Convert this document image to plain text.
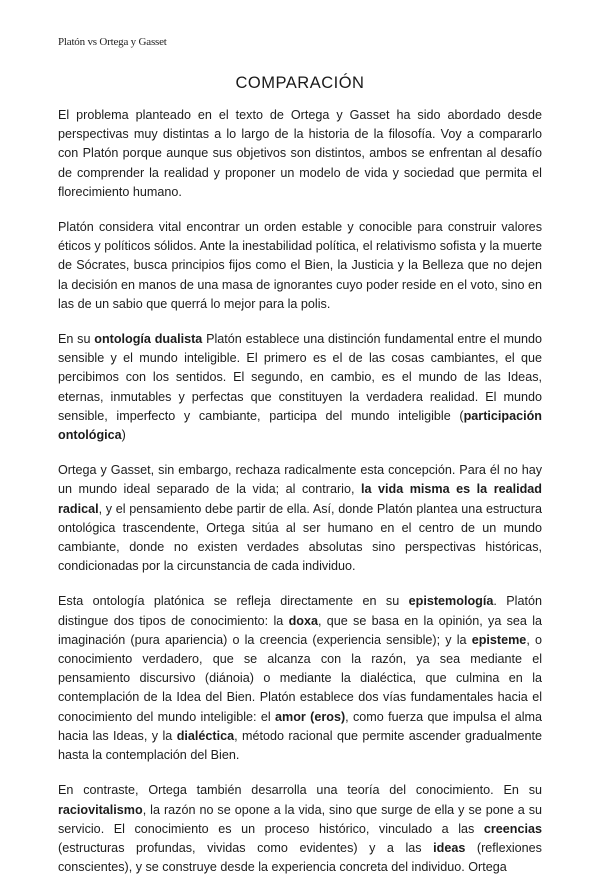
Platón vs Ortega y Gasset
COMPARACIÓN

El problema planteado en el texto de Ortega y Gasset ha sido abordado desde perspectivas muy distintas a lo largo de la historia de la filosofía. Voy a compararlo con Platón porque aunque sus objetivos son distintos, ambos se enfrentan al desafío de comprender la realidad y proponer un modelo de vida y sociedad que permita el florecimiento humano.

Platón considera vital encontrar un orden estable y conocible para construir valores éticos y políticos sólidos. Ante la inestabilidad política, el relativismo sofista y la muerte de Sócrates, busca principios fijos como el Bien, la Justicia y la Belleza que no dejen la decisión en manos de una masa de ignorantes cuyo poder reside en el voto, sino en las de un sabio que querrá lo mejor para la polis.

En su ontología dualista Platón establece una distinción fundamental entre el mundo sensible y el mundo inteligible. El primero es el de las cosas cambiantes, el que percibimos con los sentidos. El segundo, en cambio, es el mundo de las Ideas, eternas, inmutables y perfectas que constituyen la verdadera realidad. El mundo sensible, imperfecto y cambiante, participa del mundo inteligible (participación ontológica)

Ortega y Gasset, sin embargo, rechaza radicalmente esta concepción. Para él no hay un mundo ideal separado de la vida; al contrario, la vida misma es la realidad radical, y el pensamiento debe partir de ella. Así, donde Platón plantea una estructura ontológica trascendente, Ortega sitúa al ser humano en el centro de un mundo cambiante, donde no existen verdades absolutas sino perspectivas históricas, condicionadas por la circunstancia de cada individuo.

Esta ontología platónica se refleja directamente en su epistemología. Platón distingue dos tipos de conocimiento: la doxa, que se basa en la opinión, ya sea la imaginación (pura apariencia) o la creencia (experiencia sensible); y la episteme, o conocimiento verdadero, que se alcanza con la razón, ya sea mediante el pensamiento discursivo (diánoia) o mediante la dialéctica, que culmina en la contemplación de la Idea del Bien. Platón establece dos vías fundamentales hacia el conocimiento del mundo inteligible: el amor (eros), como fuerza que impulsa el alma hacia las Ideas, y la dialéctica, método racional que permite ascender gradualmente hasta la contemplación del Bien.

En contraste, Ortega también desarrolla una teoría del conocimiento. En su raciovitalismo, la razón no se opone a la vida, sino que surge de ella y se pone a su servicio. El conocimiento es un proceso histórico, vinculado a las creencias (estructuras profundas, vividas como evidentes) y a las ideas (reflexiones conscientes), y se construye desde la experiencia concreta del individuo. Ortega
